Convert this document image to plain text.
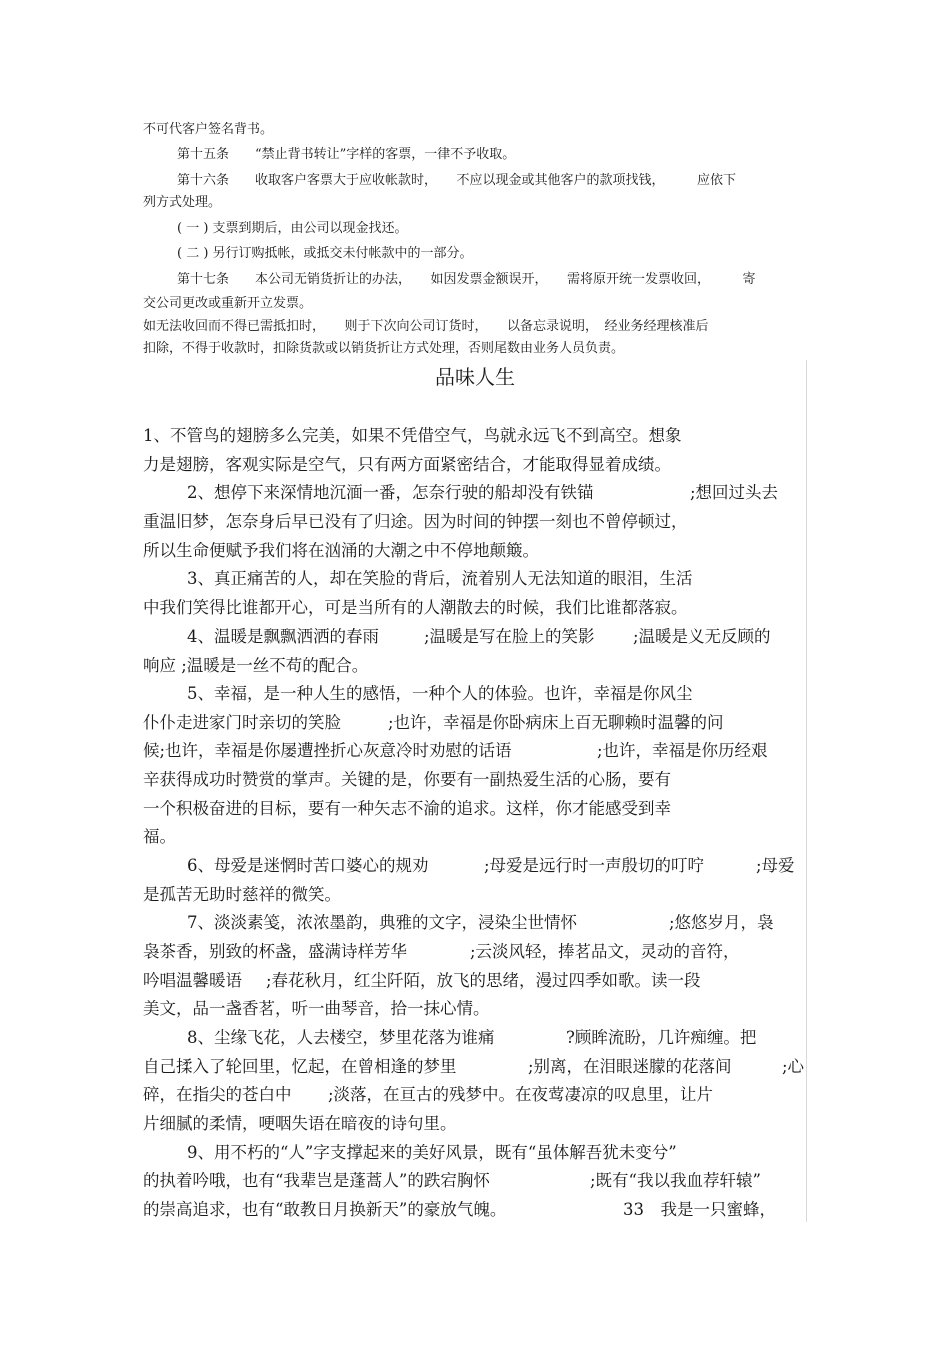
不可代客户签名背书。

第十五条　　“禁止背书转让”字样的客票，一律不予收取。

第十六条　　收取客户客票大于应收帐款时，　　不应以现金或其他客户的款项找钱，　　　应依下

列方式处理。

( 一 ) 支票到期后，由公司以现金找还。

( 二 ) 另行订购抵帐，或抵交未付帐款中的一部分。

第十七条　　本公司无销货折让的办法，　　如因发票金额误开，　　需将原开统一发票收回，　　　寄

交公司更改或重新开立发票。

如无法收回而不得已需抵扣时，　　则于下次向公司订货时，　　以备忘录说明，　经业务经理核准后

扣除，不得于收款时，扣除货款或以销货折让方式处理，否则尾数由业务人员负责。

品味人生

1、不管鸟的翅膀多么完美，如果不凭借空气，鸟就永远飞不到高空。想象

力是翅膀，客观实际是空气，只有两方面紧密结合，才能取得显着成绩。

2、想停下来深情地沉湎一番，怎奈行驶的船却没有铁锚	;想回过头去

重温旧梦，怎奈身后早已没有了归途。因为时间的钟摆一刻也不曾停顿过，

所以生命便赋予我们将在汹涌的大潮之中不停地颠簸。

3、真正痛苦的人，却在笑脸的背后，流着别人无法知道的眼泪，生活

中我们笑得比谁都开心，可是当所有的人潮散去的时候，我们比谁都落寂。

4、温暖是飘飘洒洒的春雨	;温暖是写在脸上的笑影 ;温暖是义无反顾的

响应 ;温暖是一丝不苟的配合。

5、幸福，是一种人生的感悟，一种个人的体验。也许，幸福是你风尘

仆仆走进家门时亲切的笑脸	;也许，幸福是你卧病床上百无聊赖时温馨的问
候;也许，幸福是你屡遭挫折心灰意冷时劝慰的话语	;也许，幸福是你历经艰

辛获得成功时赞赏的掌声。关键的是，你要有一副热爱生活的心肠，要有

一个积极奋进的目标，要有一种矢志不渝的追求。这样，你才能感受到幸

福。

6、母爱是迷惘时苦口婆心的规劝	;母爱是远行时一声殷切的叮咛	;母爱

是孤苦无助时慈祥的微笑。

7、淡淡素笺，浓浓墨韵，典雅的文字，浸染尘世情怀	;悠悠岁月，袅
袅茶香，别致的杯盏，盛满诗样芳华	;云淡风轻，捧茗品文，灵动的音符，
吟唱温馨暖语 ;春花秋月，红尘阡陌，放飞的思绪，漫过四季如歌。读一段

美文，品一盏香茗，听一曲琴音，拾一抹心情。

8、尘缘飞花，人去楼空，梦里花落为谁痛	?顾眸流盼，几许痴缠。把
自己揉入了轮回里，忆起，在曾相逢的梦里	;别离，在泪眼迷朦的花落间	;心
碎，在指尖的苍白中 ;淡落，在亘古的残梦中。在夜莺凄凉的叹息里，让片

片细腻的柔情，哽咽失语在暗夜的诗句里。

9、用不朽的“人”字支撑起来的美好风景，既有“虽体解吾犹未变兮”

的执着吟哦，也有“我辈岂是蓬蒿人”的跌宕胸怀	;既有“我以我血荐轩辕”
的崇高追求，也有“敢教日月换新天”的豪放气魄。	33　我是一只蜜蜂，
